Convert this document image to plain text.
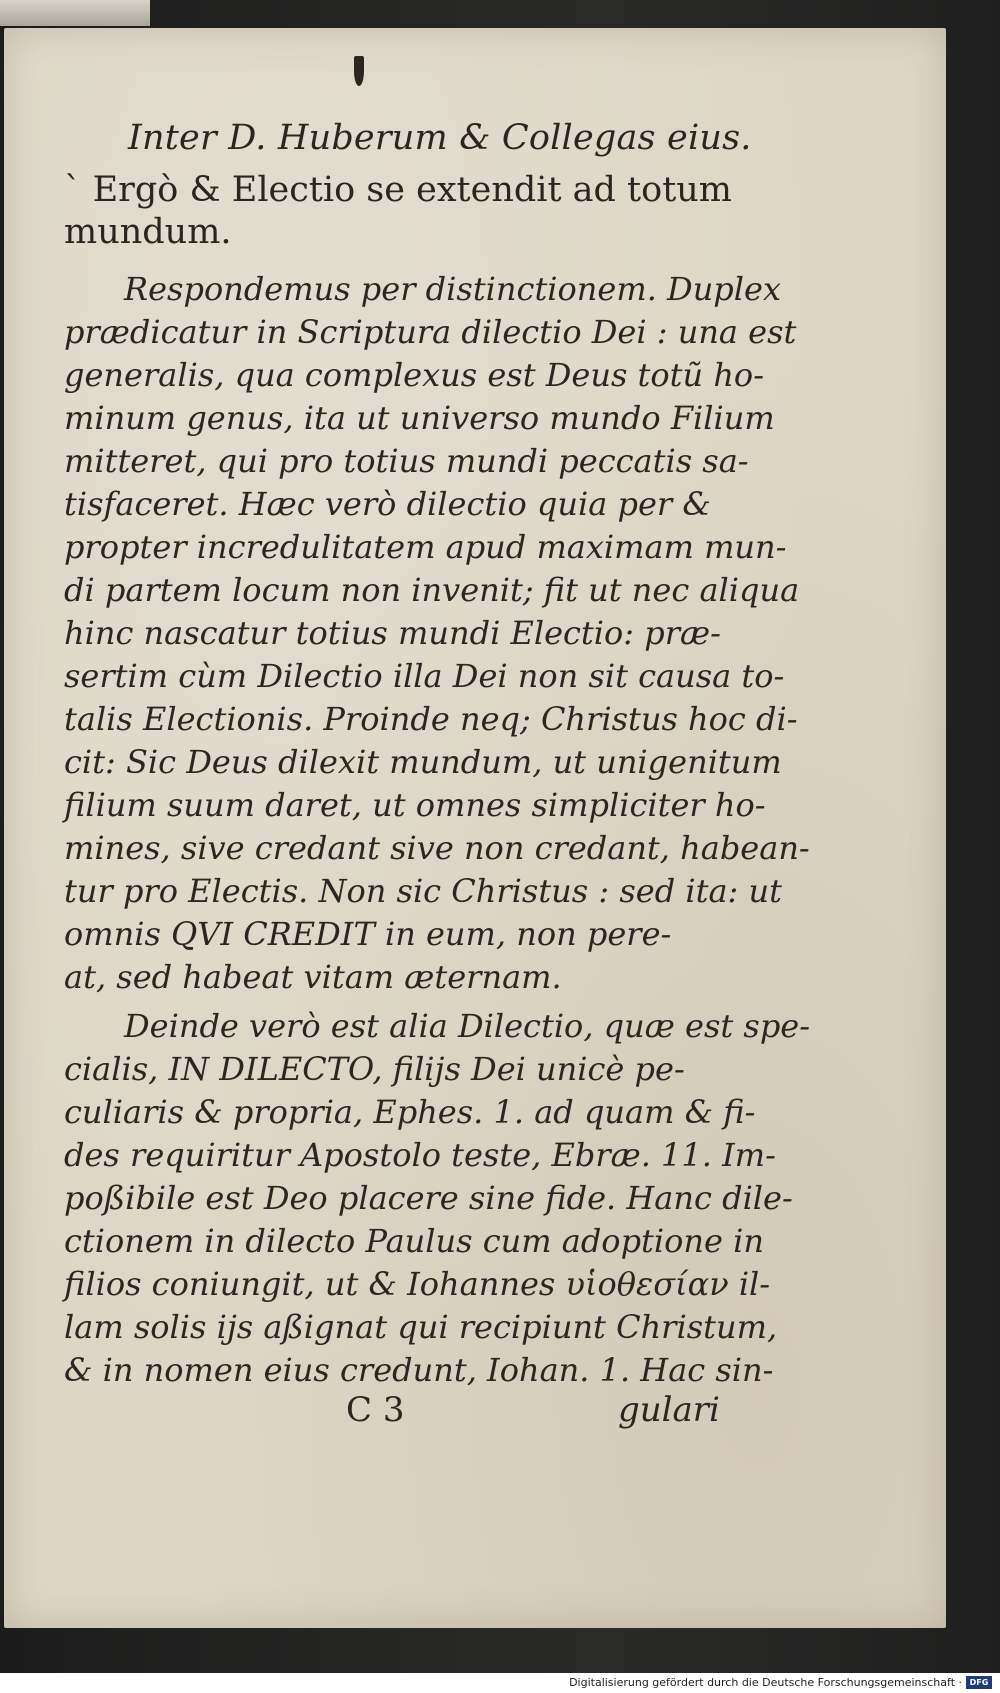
Inter D. Huberum & Collegas eius.
` Ergò & Electio se extendit ad totum
mundum.
Respondemus per distinctionem. Duplex
prædicatur in Scriptura dilectio Dei : una est
generalis, qua complexus est Deus totũ ho-
minum genus, ita ut universo mundo Filium
mitteret, qui pro totius mundi peccatis sa-
tisfaceret. Hæc verò dilectio quia per &
propter incredulitatem apud maximam mun-
di partem locum non invenit; fit ut nec aliqua
hinc nascatur totius mundi Electio: præ-
sertim cùm Dilectio illa Dei non sit causa to-
talis Electionis. Proinde neq; Christus hoc di-
cit: Sic Deus dilexit mundum, ut unigenitum
filium suum daret, ut omnes simpliciter ho-
mines, sive credant sive non credant, habean-
tur pro Electis. Non sic Christus : sed ita: ut
omnis QVI CREDIT in eum, non pere-
at, sed habeat vitam æternam.
Deinde verò est alia Dilectio, quæ est spe-
cialis, IN DILECTO, filijs Dei unicè pe-
culiaris & propria, Ephes. 1. ad quam & fi-
des requiritur Apostolo teste, Ebræ. 11. Im-
poßibile est Deo placere sine fide. Hanc dile-
ctionem in dilecto Paulus cum adoptione in
filios coniungit, ut & Iohannes υἱοθεσίαν il-
lam solis ijs aßignat qui recipiunt Christum,
& in nomen eius credunt, Iohan. 1. Hac sin-
C 3	gulari
Digitalisierung gefördert durch die Deutsche Forschungsgemeinschaft · DFG
